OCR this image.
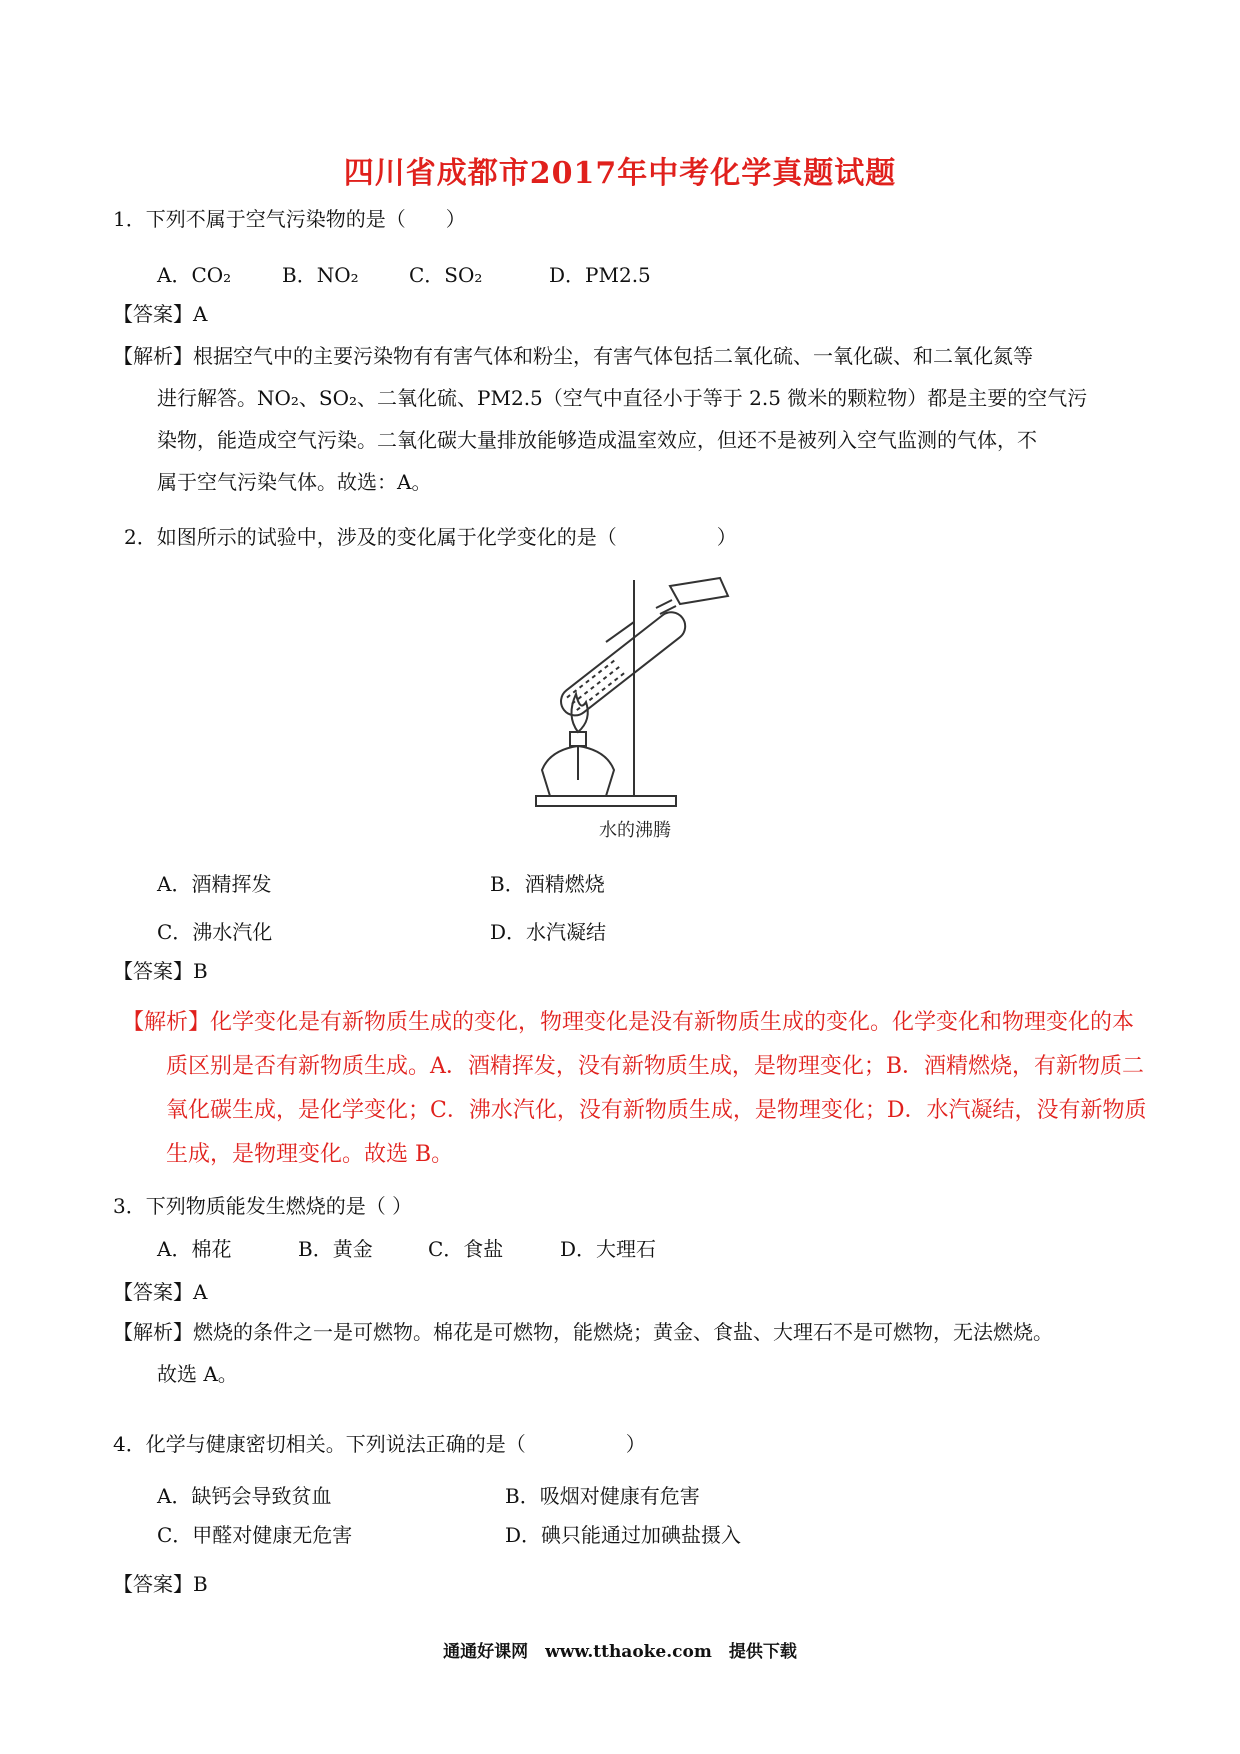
四川省成都市2017年中考化学真题试题
1．下列不属于空气污染物的是（　　）
A．CO₂	B．NO₂	C．SO₂	D．PM2.5
【答案】A
【解析】根据空气中的主要污染物有有害气体和粉尘，有害气体包括二氧化硫、一氧化碳、和二氧化氮等
进行解答。NO₂、SO₂、二氧化硫、PM2.5（空气中直径小于等于 2.5 微米的颗粒物）都是主要的空气污
染物，能造成空气污染。二氧化碳大量排放能够造成温室效应，但还不是被列入空气监测的气体，不
属于空气污染气体。故选：A。
2．如图所示的试验中，涉及的变化属于化学变化的是（　　　　　）
水的沸腾
A．酒精挥发	B．酒精燃烧
C．沸水汽化	D．水汽凝结
【答案】B
【解析】化学变化是有新物质生成的变化，物理变化是没有新物质生成的变化。化学变化和物理变化的本
质区别是否有新物质生成。A．酒精挥发，没有新物质生成，是物理变化；B．酒精燃烧，有新物质二
氧化碳生成，是化学变化；C．沸水汽化，没有新物质生成，是物理变化；D．水汽凝结，没有新物质
生成，是物理变化。故选 B。
3．下列物质能发生燃烧的是（ ）
A．棉花	B．黄金	C．食盐	D．大理石
【答案】A
【解析】燃烧的条件之一是可燃物。棉花是可燃物，能燃烧；黄金、食盐、大理石不是可燃物，无法燃烧。
故选 A。
4．化学与健康密切相关。下列说法正确的是（　　　　　）
A．缺钙会导致贫血	B．吸烟对健康有危害
C．甲醛对健康无危害	D．碘只能通过加碘盐摄入
【答案】B
通通好课网　www.tthaoke.com　提供下载
